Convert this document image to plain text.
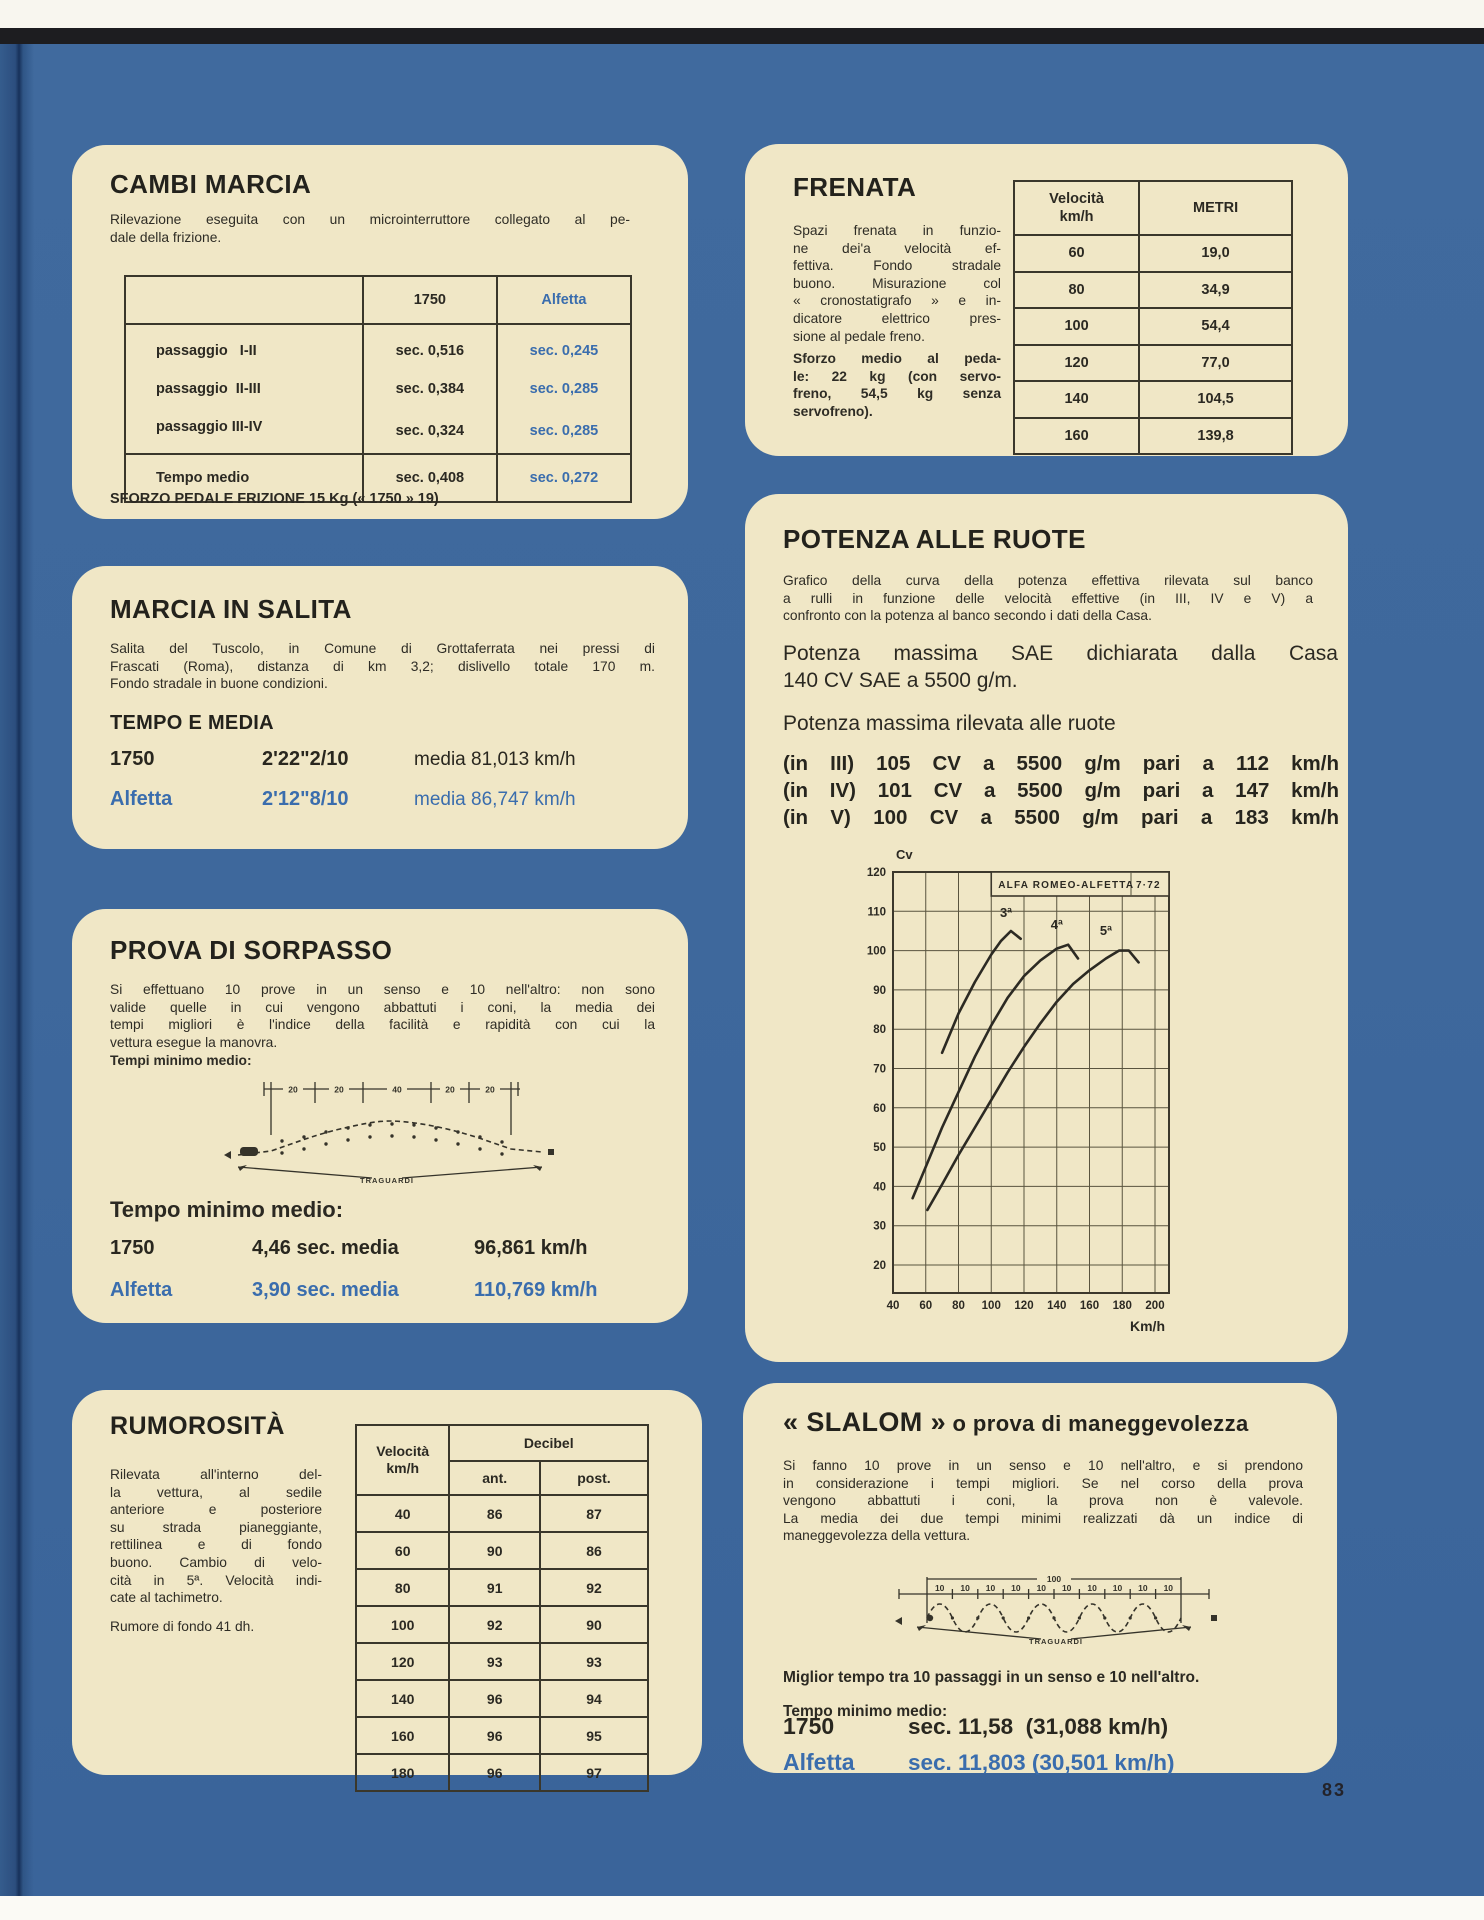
CAMBI MARCIA
Rilevazione eseguita con un microinterruttore collegato al pe-
dale della frizione.
	1750	Alfetta
passaggio   I-II	sec. 0,516	sec. 0,245
passaggio  II-III	sec. 0,384	sec. 0,285
passaggio III-IV	sec. 0,324	sec. 0,285
Tempo medio	sec. 0,408	sec. 0,272
SFORZO PEDALE FRIZIONE 15 Kg (« 1750 » 19)
FRENATA
Spazi frenata in funzio-
ne dei'a velocità ef-
fettiva. Fondo stradale
buono. Misurazione col
« cronostatigrafo » e in-
dicatore elettrico pres-
sione al pedale freno.
Sforzo medio al peda-
le: 22 kg (con servo-
freno, 54,5 kg senza
servofreno).
Velocità
km/h	METRI
60	19,0
80	34,9
100	54,4
120	77,0
140	104,5
160	139,8
MARCIA IN SALITA
Salita del Tuscolo, in Comune di Grottaferrata nei pressi di
Frascati (Roma), distanza di km 3,2; dislivello totale 170 m.
Fondo stradale in buone condizioni.
TEMPO E MEDIA
1750	2'22"2/10	media 81,013 km/h
Alfetta	2'12"8/10	media 86,747 km/h
POTENZA ALLE RUOTE
Grafico della curva della potenza effettiva rilevata sul banco
a rulli in funzione delle velocità effettive (in III, IV e V) a
confronto con la potenza al banco secondo i dati della Casa.
Potenza massima SAE dichiarata dalla Casa
140 CV SAE a 5500 g/m.
Potenza massima rilevata alle ruote
(in III) 105 CV a 5500 g/m pari a 112 km/h
(in IV) 101 CV a 5500 g/m pari a 147 km/h
(in V) 100 CV a 5500 g/m pari a 183 km/h
20
30
40
50
60
70
80
90
100
110
120
40 60 80 100 120 140 160 180 200
ALFA ROMEO-ALFETTA 7·72
Cv
Km/h
3ª
4ª	5ª
PROVA DI SORPASSO
Si effettuano 10 prove in un senso e 10 nell'altro: non sono
valide quelle in cui vengono abbattuti i coni, la media dei
tempi migliori è l'indice della facilità e rapidità con cui la
vettura esegue la manovra.
Tempi minimo medio:
20	20	40	20	20
TRAGUARDI
Tempo minimo medio:
1750	4,46 sec. media	96,861 km/h
Alfetta	3,90 sec. media	110,769 km/h
RUMOROSITÀ
Rilevata all'interno del-
la vettura, al sedile
anteriore e posteriore
su strada pianeggiante,
rettilinea e di fondo
buono. Cambio di velo-
cità in 5ª. Velocità indi-
cate al tachimetro.
Rumore di fondo 41 dh.
Velocità
km/h	Decibel	
	ant.	post.
40	86	87
60	90	86
80	91	92
100	92	90
120	93	93
140	96	94
160	96	95
180	96	97
« SLALOM » o prova di maneggevolezza
Si fanno 10 prove in un senso e 10 nell'altro, e si prendono
in considerazione i tempi migliori. Se nel corso della prova
vengono abbattuti i coni, la prova non è valevole.
La media dei due tempi minimi realizzati dà un indice di
maneggevolezza della vettura.
100
10 10 10 10 10 10 10 10 10 10
TRAGUARDI
Miglior tempo tra 10 passaggi in un senso e 10 nell'altro.
Tempo minimo medio:
1750	sec. 11,58  (31,088 km/h)
Alfetta	sec. 11,803 (30,501 km/h)
83
